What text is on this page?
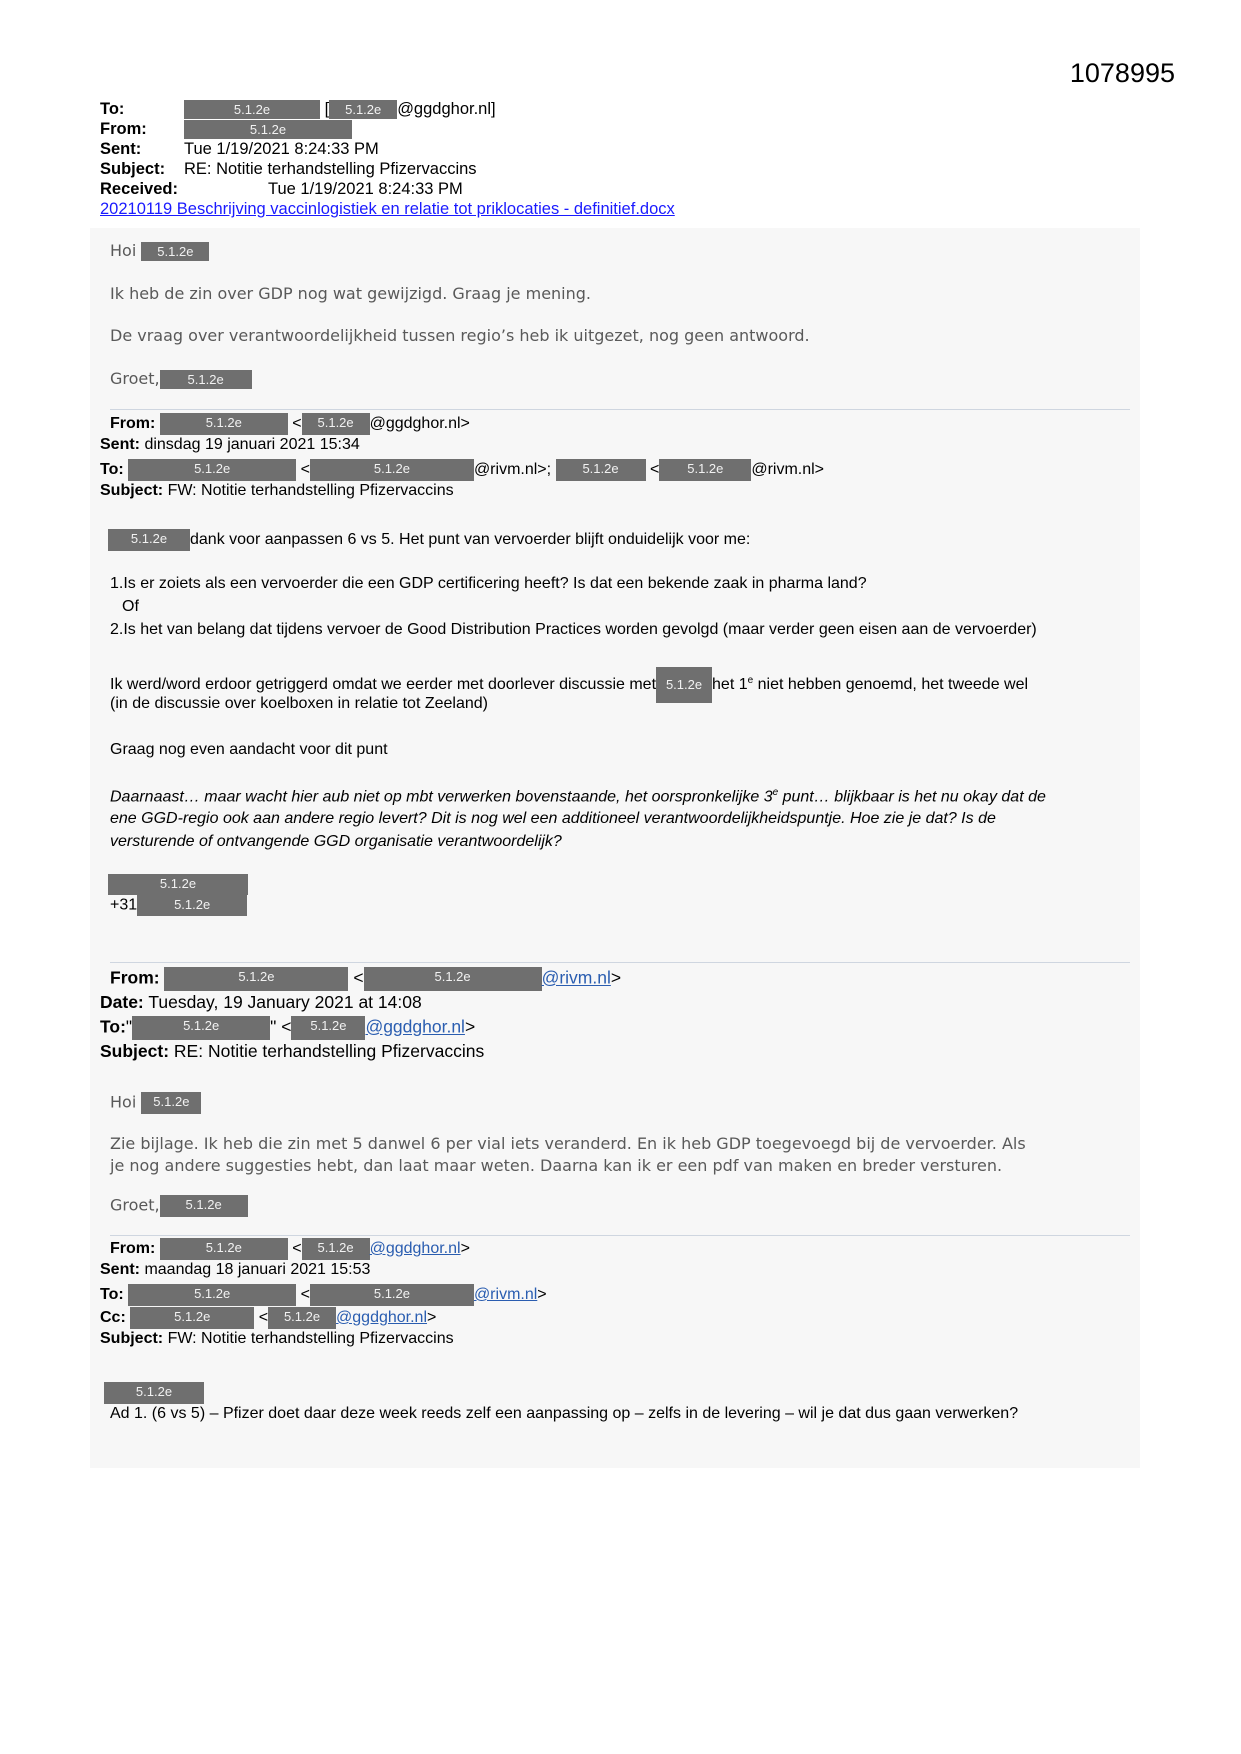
1078995
To:	5.1.2e	[ 5.1.2e @ggdghor.nl]
From:	5.1.2e
Sent:	Tue 1/19/2021 8:24:33 PM
Subject: RE: Notitie terhandstelling Pfizervaccins
Received:	Tue 1/19/2021 8:24:33 PM
20210119 Beschrijving vaccinlogistiek en relatie tot priklocaties - definitief.docx
Hoi 5.1.2e
Ik heb de zin over GDP nog wat gewijzigd. Graag je mening.
De vraag over verantwoordelijkheid tussen regio’s heb ik uitgezet, nog geen antwoord.
Groet, 5.1.2e
From:	5.1.2e	< 5.1.2e @ggdghor.nl>
Sent: dinsdag 19 januari 2021 15:34
To:	5.1.2e	<	5.1.2e	@rivm.nl>; 5.1.2e < 5.1.2e @rivm.nl>
Subject: FW: Notitie terhandstelling Pfizervaccins
5.1.2e dank voor aanpassen 6 vs 5. Het punt van vervoerder blijft onduidelijk voor me:
1.Is er zoiets als een vervoerder die een GDP certificering heeft? Is dat een bekende zaak in pharma land?
Of
2.Is het van belang dat tijdens vervoer de Good Distribution Practices worden gevolgd (maar verder geen eisen aan de vervoerder)
Ik werd/word erdoor getriggerd omdat we eerder met doorlever discussie met 5.1.2e het 1e niet hebben genoemd, het tweede wel
(in de discussie over koelboxen in relatie tot Zeeland)
Graag nog even aandacht voor dit punt
Daarnaast… maar wacht hier aub niet op mbt verwerken bovenstaande, het oorspronkelijke 3e punt… blijkbaar is het nu okay dat de
ene GGD-regio ook aan andere regio levert? Dit is nog wel een additioneel verantwoordelijkheidspuntje. Hoe zie je dat? Is de
versturende of ontvangende GGD organisatie verantwoordelijk?
5.1.2e
+31	5.1.2e
From:	5.1.2e	<	5.1.2e	@rivm.nl>
Date: Tuesday, 19 January 2021 at 14:08
To:"	5.1.2e	" < 5.1.2e @ggdghor.nl>
Subject: RE: Notitie terhandstelling Pfizervaccins
Hoi 5.1.2e
Zie bijlage. Ik heb die zin met 5 danwel 6 per vial iets veranderd. En ik heb GDP toegevoegd bij de vervoerder. Als
je nog andere suggesties hebt, dan laat maar weten. Daarna kan ik er een pdf van maken en breder versturen.
Groet, 5.1.2e
From:	5.1.2e	< 5.1.2e @ggdghor.nl>
Sent: maandag 18 januari 2021 15:53
To:	5.1.2e	<	5.1.2e	@rivm.nl>
Cc:	5.1.2e	< 5.1.2e @ggdghor.nl>
Subject: FW: Notitie terhandstelling Pfizervaccins
5.1.2e
Ad 1. (6 vs 5) – Pfizer doet daar deze week reeds zelf een aanpassing op – zelfs in de levering – wil je dat dus gaan verwerken?
